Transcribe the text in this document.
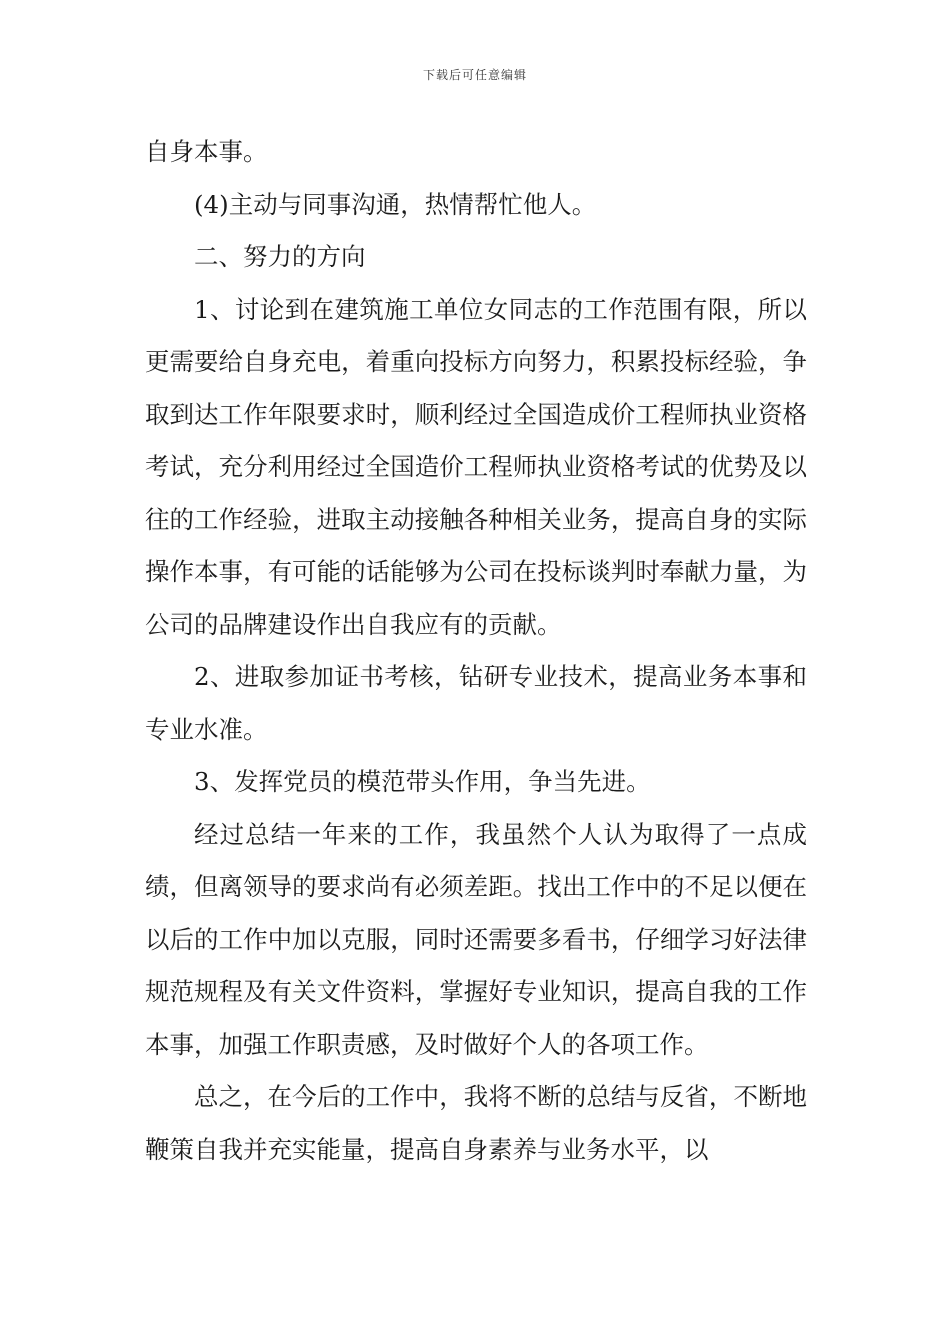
下载后可任意编辑

自身本事。

(4)主动与同事沟通，热情帮忙他人。

二、努力的方向

1、讨论到在建筑施工单位女同志的工作范围有限，所以更需要给自身充电，着重向投标方向努力，积累投标经验，争取到达工作年限要求时，顺利经过全国造成价工程师执业资格考试，充分利用经过全国造价工程师执业资格考试的优势及以往的工作经验，进取主动接触各种相关业务，提高自身的实际操作本事，有可能的话能够为公司在投标谈判时奉献力量，为公司的品牌建设作出自我应有的贡献。

2、进取参加证书考核，钻研专业技术，提高业务本事和专业水准。

3、发挥党员的模范带头作用，争当先进。

经过总结一年来的工作，我虽然个人认为取得了一点成绩，但离领导的要求尚有必须差距。找出工作中的不足以便在以后的工作中加以克服，同时还需要多看书，仔细学习好法律规范规程及有关文件资料，掌握好专业知识，提高自我的工作本事，加强工作职责感，及时做好个人的各项工作。

总之，在今后的工作中，我将不断的总结与反省，不断地鞭策自我并充实能量，提高自身素养与业务水平，以
